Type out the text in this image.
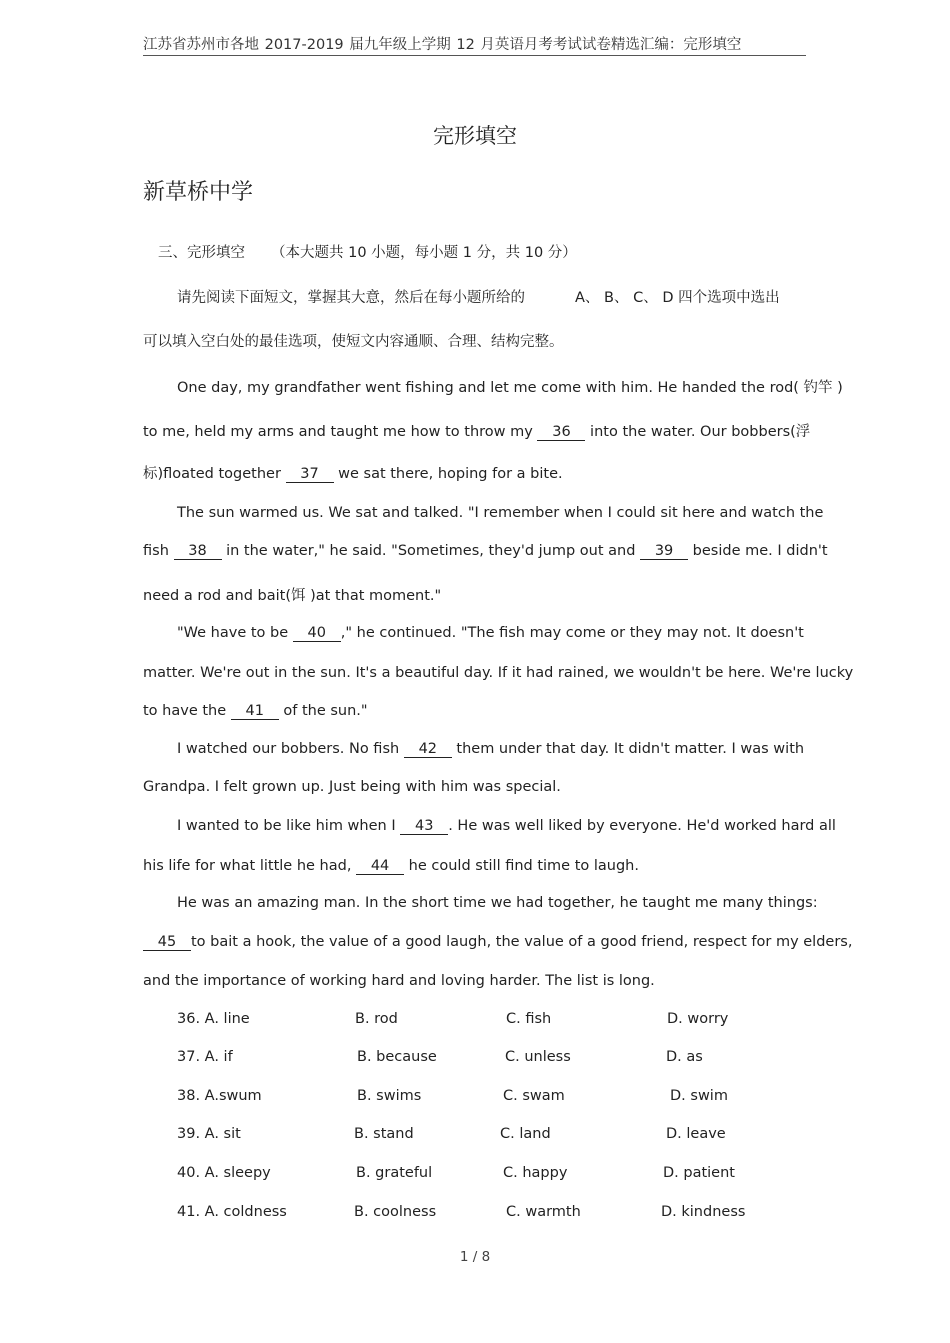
江苏省苏州市各地 2017-2019 届九年级上学期 12 月英语月考考试试卷精选汇编：完形填空
完形填空
新草桥中学
三、完形填空 （本大题共 10 小题，每小题 1 分，共 10 分）
请先阅读下面短文，掌握其大意，然后在每小题所给的	A、 B、 C、 D 四个选项中选出
可以填入空白处的最佳选项，使短文内容通顺、合理、结构完整。
One day, my grandfather went fishing and let me come with him. He handed the rod( 钓竿 )
to me, held my arms and taught me how to throw my 36 into the water. Our bobbers(浮
标)floated together 37 we sat there, hoping for a bite.
The sun warmed us. We sat and talked. "I remember when I could sit here and watch the
fish 38 in the water," he said. "Sometimes, they'd jump out and 39 beside me. I didn't
need a rod and bait(饵 )at that moment."
"We have to be 40 ," he continued. "The fish may come or they may not. It doesn't
matter. We're out in the sun. It's a beautiful day. If it had rained, we wouldn't be here. We're lucky
to have the 41 of the sun."
I watched our bobbers. No fish 42 them under that day. It didn't matter. I was with
Grandpa. I felt grown up. Just being with him was special.
I wanted to be like him when I 43 . He was well liked by everyone. He'd worked hard all
his life for what little he had, 44 he could still find time to laugh.
He was an amazing man. In the short time we had together, he taught me many things:
45 to bait a hook, the value of a good laugh, the value of a good friend, respect for my elders,
and the importance of working hard and loving harder. The list is long.
36. A. line	B. rod	C. fish	D. worry
37. A. if	B. because	C. unless	D. as
38. A.swum	B. swims	C. swam	D. swim
39. A. sit	B. stand	C. land	D. leave
40. A. sleepy	B. grateful	C. happy	D. patient
41. A. coldness	B. coolness	C. warmth	D. kindness
1 / 8
